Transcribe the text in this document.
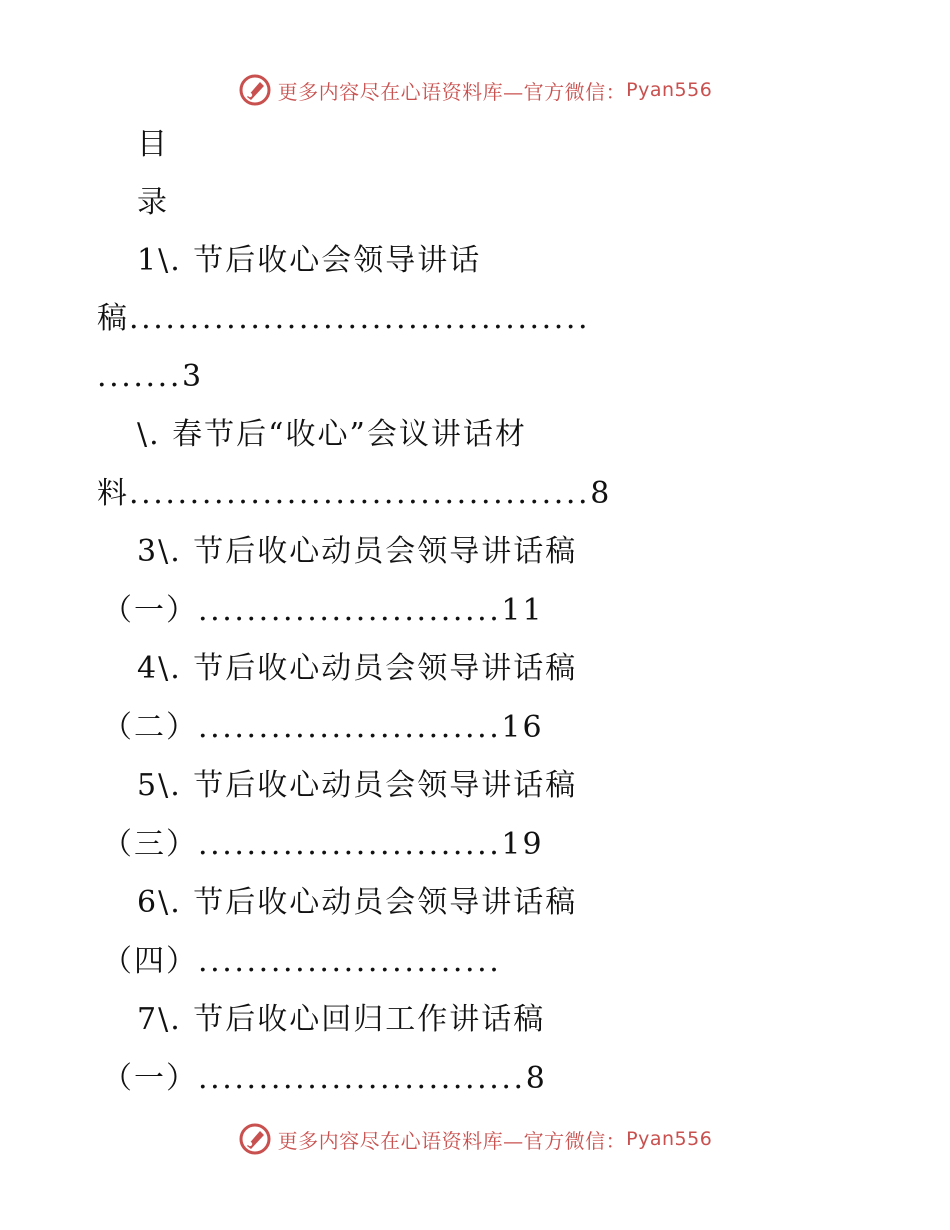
更多内容尽在心语资料库—官方微信： Pyan556
目
录
1\. 节后收心会领导讲话
稿......................................
.......3
\. 春节后“收心”会议讲话材
料......................................8
3\. 节后收心动员会领导讲话稿
（一）.........................11
4\. 节后收心动员会领导讲话稿
（二）.........................16
5\. 节后收心动员会领导讲话稿
（三）.........................19
6\. 节后收心动员会领导讲话稿
（四）.........................
7\. 节后收心回归工作讲话稿
（一）...........................8
更多内容尽在心语资料库—官方微信： Pyan556
